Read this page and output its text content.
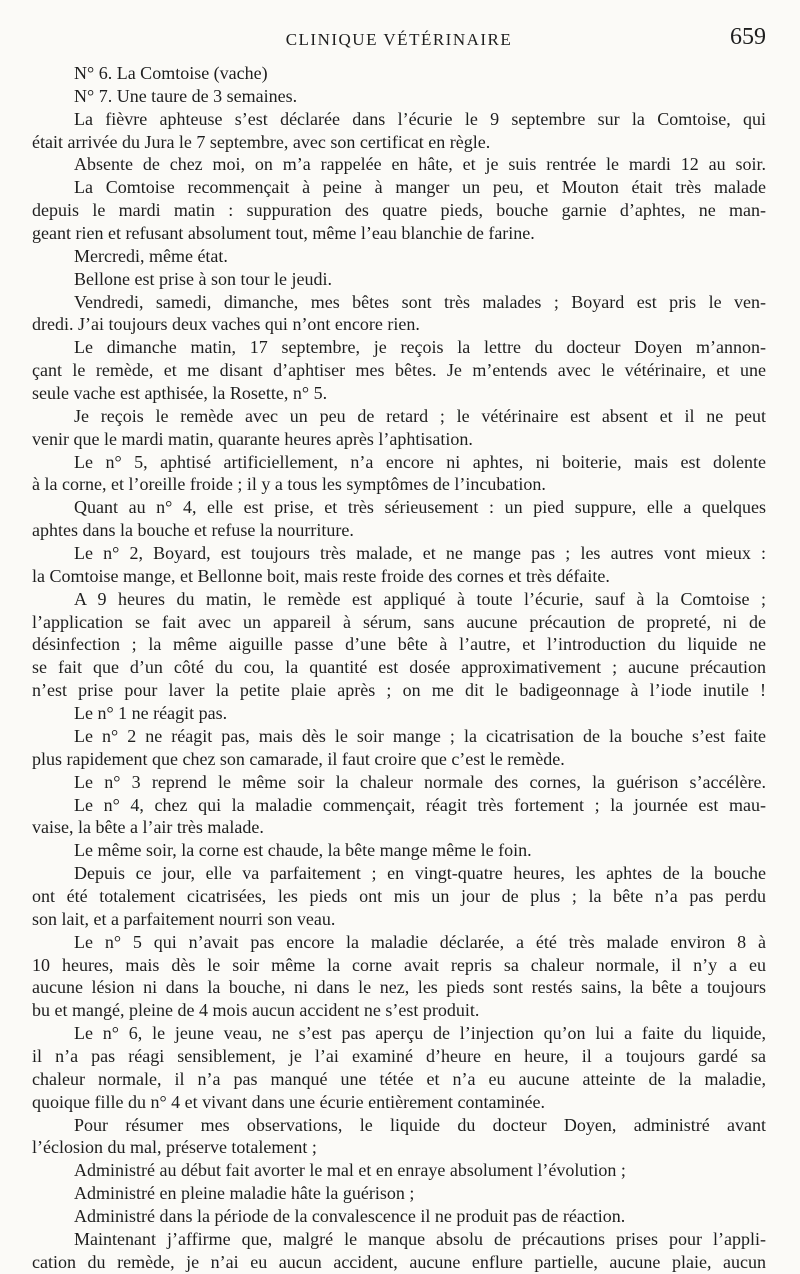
CLINIQUE VÉTÉRINAIRE	659
N° 6. La Comtoise (vache)
N° 7. Une taure de 3 semaines.
La fièvre aphteuse s’est déclarée dans l’écurie le 9 septembre sur la Comtoise, qui
était arrivée du Jura le 7 septembre, avec son certificat en règle.
Absente de chez moi, on m’a rappelée en hâte, et je suis rentrée le mardi 12 au soir.
La Comtoise recommençait à peine à manger un peu, et Mouton était très malade
depuis le mardi matin : suppuration des quatre pieds, bouche garnie d’aphtes, ne man-
geant rien et refusant absolument tout, même l’eau blanchie de farine.
Mercredi, même état.
Bellone est prise à son tour le jeudi.
Vendredi, samedi, dimanche, mes bêtes sont très malades ; Boyard est pris le ven-
dredi. J’ai toujours deux vaches qui n’ont encore rien.
Le dimanche matin, 17 septembre, je reçois la lettre du docteur Doyen m’annon-
çant le remède, et me disant d’aphtiser mes bêtes. Je m’entends avec le vétérinaire, et une
seule vache est apthisée, la Rosette, n° 5.
Je reçois le remède avec un peu de retard ; le vétérinaire est absent et il ne peut
venir que le mardi matin, quarante heures après l’aphtisation.
Le n° 5, aphtisé artificiellement, n’a encore ni aphtes, ni boiterie, mais est dolente
à la corne, et l’oreille froide ; il y a tous les symptômes de l’incubation.
Quant au n° 4, elle est prise, et très sérieusement : un pied suppure, elle a quelques
aphtes dans la bouche et refuse la nourriture.
Le n° 2, Boyard, est toujours très malade, et ne mange pas ; les autres vont mieux :
la Comtoise mange, et Bellonne boit, mais reste froide des cornes et très défaite.
A 9 heures du matin, le remède est appliqué à toute l’écurie, sauf à la Comtoise ;
l’application se fait avec un appareil à sérum, sans aucune précaution de propreté, ni de
désinfection ; la même aiguille passe d’une bête à l’autre, et l’introduction du liquide ne
se fait que d’un côté du cou, la quantité est dosée approximativement ; aucune précaution
n’est prise pour laver la petite plaie après ; on me dit le badigeonnage à l’iode inutile !
Le n° 1 ne réagit pas.
Le n° 2 ne réagit pas, mais dès le soir mange ; la cicatrisation de la bouche s’est faite
plus rapidement que chez son camarade, il faut croire que c’est le remède.
Le n° 3 reprend le même soir la chaleur normale des cornes, la guérison s’accélère.
Le n° 4, chez qui la maladie commençait, réagit très fortement ; la journée est mau-
vaise, la bête a l’air très malade.
Le même soir, la corne est chaude, la bête mange même le foin.
Depuis ce jour, elle va parfaitement ; en vingt-quatre heures, les aphtes de la bouche
ont été totalement cicatrisées, les pieds ont mis un jour de plus ; la bête n’a pas perdu
son lait, et a parfaitement nourri son veau.
Le n° 5 qui n’avait pas encore la maladie déclarée, a été très malade environ 8 à
10 heures, mais dès le soir même la corne avait repris sa chaleur normale, il n’y a eu
aucune lésion ni dans la bouche, ni dans le nez, les pieds sont restés sains, la bête a toujours
bu et mangé, pleine de 4 mois aucun accident ne s’est produit.
Le n° 6, le jeune veau, ne s’est pas aperçu de l’injection qu’on lui a faite du liquide,
il n’a pas réagi sensiblement, je l’ai examiné d’heure en heure, il a toujours gardé sa
chaleur normale, il n’a pas manqué une tétée et n’a eu aucune atteinte de la maladie,
quoique fille du n° 4 et vivant dans une écurie entièrement contaminée.
Pour résumer mes observations, le liquide du docteur Doyen, administré avant
l’éclosion du mal, préserve totalement ;
Administré au début fait avorter le mal et en enraye absolument l’évolution ;
Administré en pleine maladie hâte la guérison ;
Administré dans la période de la convalescence il ne produit pas de réaction.
Maintenant j’affirme que, malgré le manque absolu de précautions prises pour l’appli-
cation du remède, je n’ai eu aucun accident, aucune enflure partielle, aucune plaie, aucun
